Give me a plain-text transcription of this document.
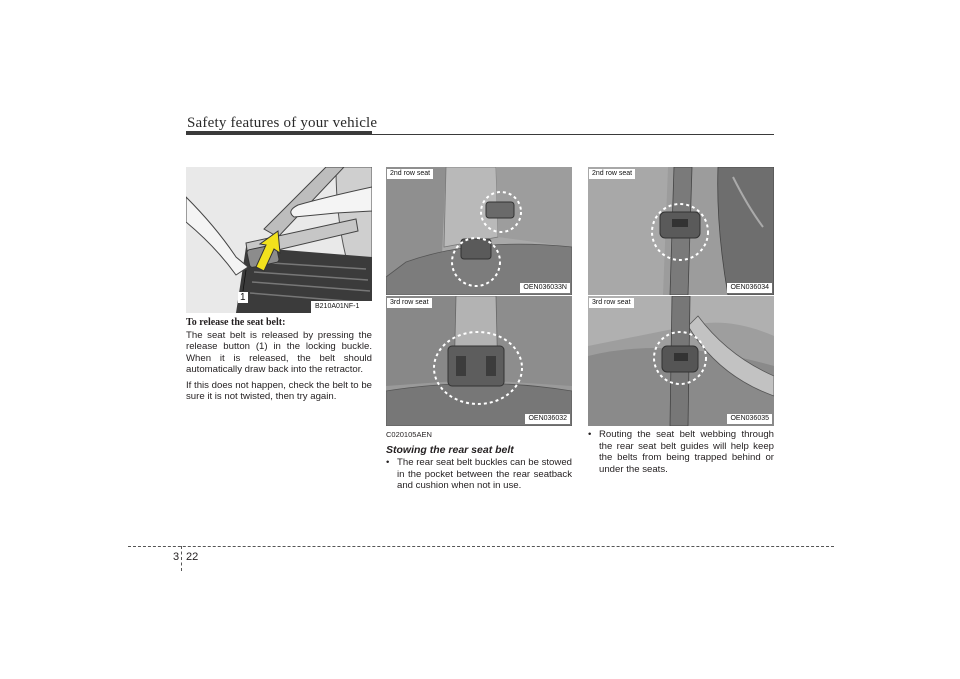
Safety features of your vehicle
1
B210A01NF-1
2nd row seat
OEN036033N
3rd row seat
OEN036032
2nd row seat
OEN036034
3rd row seat
OEN036035
To release the seat belt:

The seat belt is released by pressing the release button (1) in the locking buckle. When it is released, the belt should automatically draw back into the retractor.

If this does not happen, check the belt to be sure it is not twisted, then try again.

C020105AEN
Stowing the rear seat belt
• The rear seat belt buckles can be stowed in the pocket between the rear seatback and cushion when not in use.
• Routing the seat belt webbing through the rear seat belt guides will help keep the belts from being trapped behind or under the seats.
3 22
